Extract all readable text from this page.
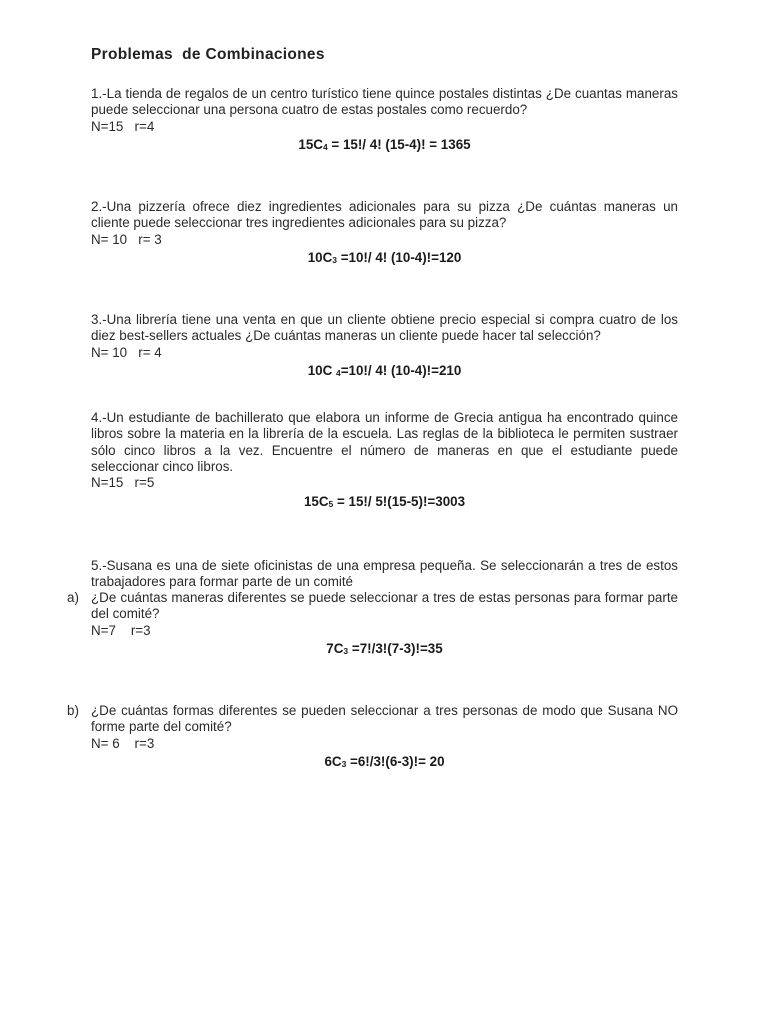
Problemas  de Combinaciones
1.-La tienda de regalos de un centro turístico tiene quince postales distintas ¿De cuantas maneras puede seleccionar una persona cuatro de estas postales como recuerdo?
N=15   r=4
$15C_4 = 15!/$ 4! (15-4)! = 1365
2.-Una pizzería ofrece diez ingredientes adicionales para su pizza ¿De cuántas maneras un cliente puede seleccionar tres ingredientes adicionales para su pizza?
N= 10   r= 3
$10C_3 =10!/$ 4! (10-4)!=120
3.-Una librería tiene una venta en que un cliente obtiene precio especial si compra cuatro de los diez best-sellers actuales ¿De cuántas maneras un cliente puede hacer tal selección?
N= 10   r= 4
10C $_4$=10!/ 4! (10-4)!=210
4.-Un estudiante de bachillerato que elabora un informe de Grecia antigua ha encontrado quince libros sobre la materia en la librería de la escuela. Las reglas de la biblioteca le permiten sustraer sólo cinco libros a la vez. Encuentre el número de maneras en que el estudiante puede seleccionar cinco libros.
N=15   r=5
$15C_5 = 15!/$ 5!(15-5)!=3003
5.-Susana es una de siete oficinistas de una empresa pequeña. Se seleccionarán a tres de estos trabajadores para formar parte de un comité
a) ¿De cuántas maneras diferentes se puede seleccionar a tres de estas personas para formar parte del comité?
N=7    r=3
$7C_3 =7!/3!(7-3)!=35$
b) ¿De cuántas formas diferentes se pueden seleccionar a tres personas de modo que Susana NO forme parte del comité?
N= 6    r=3
$6C_3 =6!/3!(6-3)!= 20$
